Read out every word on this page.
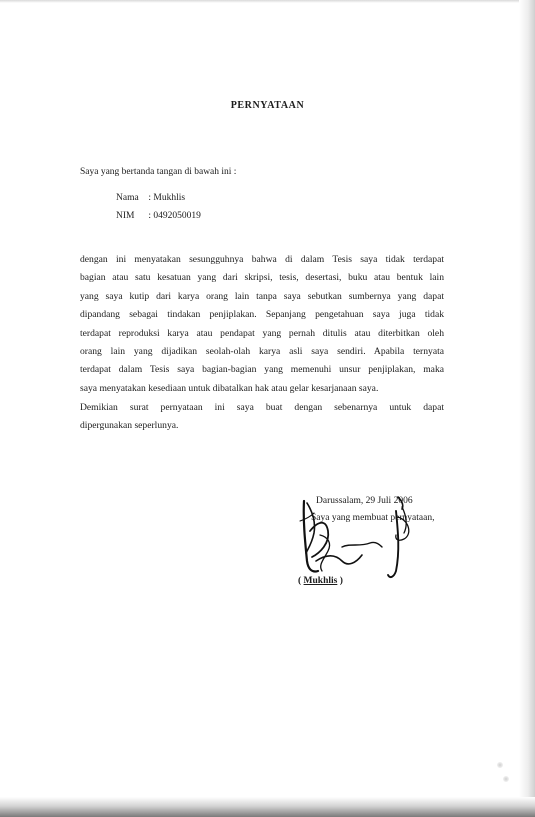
PERNYATAAN
Saya yang bertanda tangan di bawah ini :
Nama : Mukhlis
NIM : 0492050019
dengan ini menyatakan sesungguhnya bahwa di dalam Tesis saya tidak terdapat
bagian atau satu kesatuan yang dari skripsi, tesis, desertasi, buku atau bentuk lain
yang saya kutip dari karya orang lain tanpa saya sebutkan sumbernya yang dapat
dipandang sebagai tindakan penjiplakan. Sepanjang pengetahuan saya juga tidak
terdapat reproduksi karya atau pendapat yang pernah ditulis atau diterbitkan oleh
orang lain yang dijadikan seolah-olah karya asli saya sendiri. Apabila ternyata
terdapat dalam Tesis saya bagian-bagian yang memenuhi unsur penjiplakan, maka
saya menyatakan kesediaan untuk dibatalkan hak atau gelar kesarjanaan saya.
Demikian surat pernyataan ini saya buat dengan sebenarnya untuk dapat
dipergunakan seperlunya.
Darussalam, 29 Juli 2006
Saya yang membuat pernyataan,
( Mukhlis )
